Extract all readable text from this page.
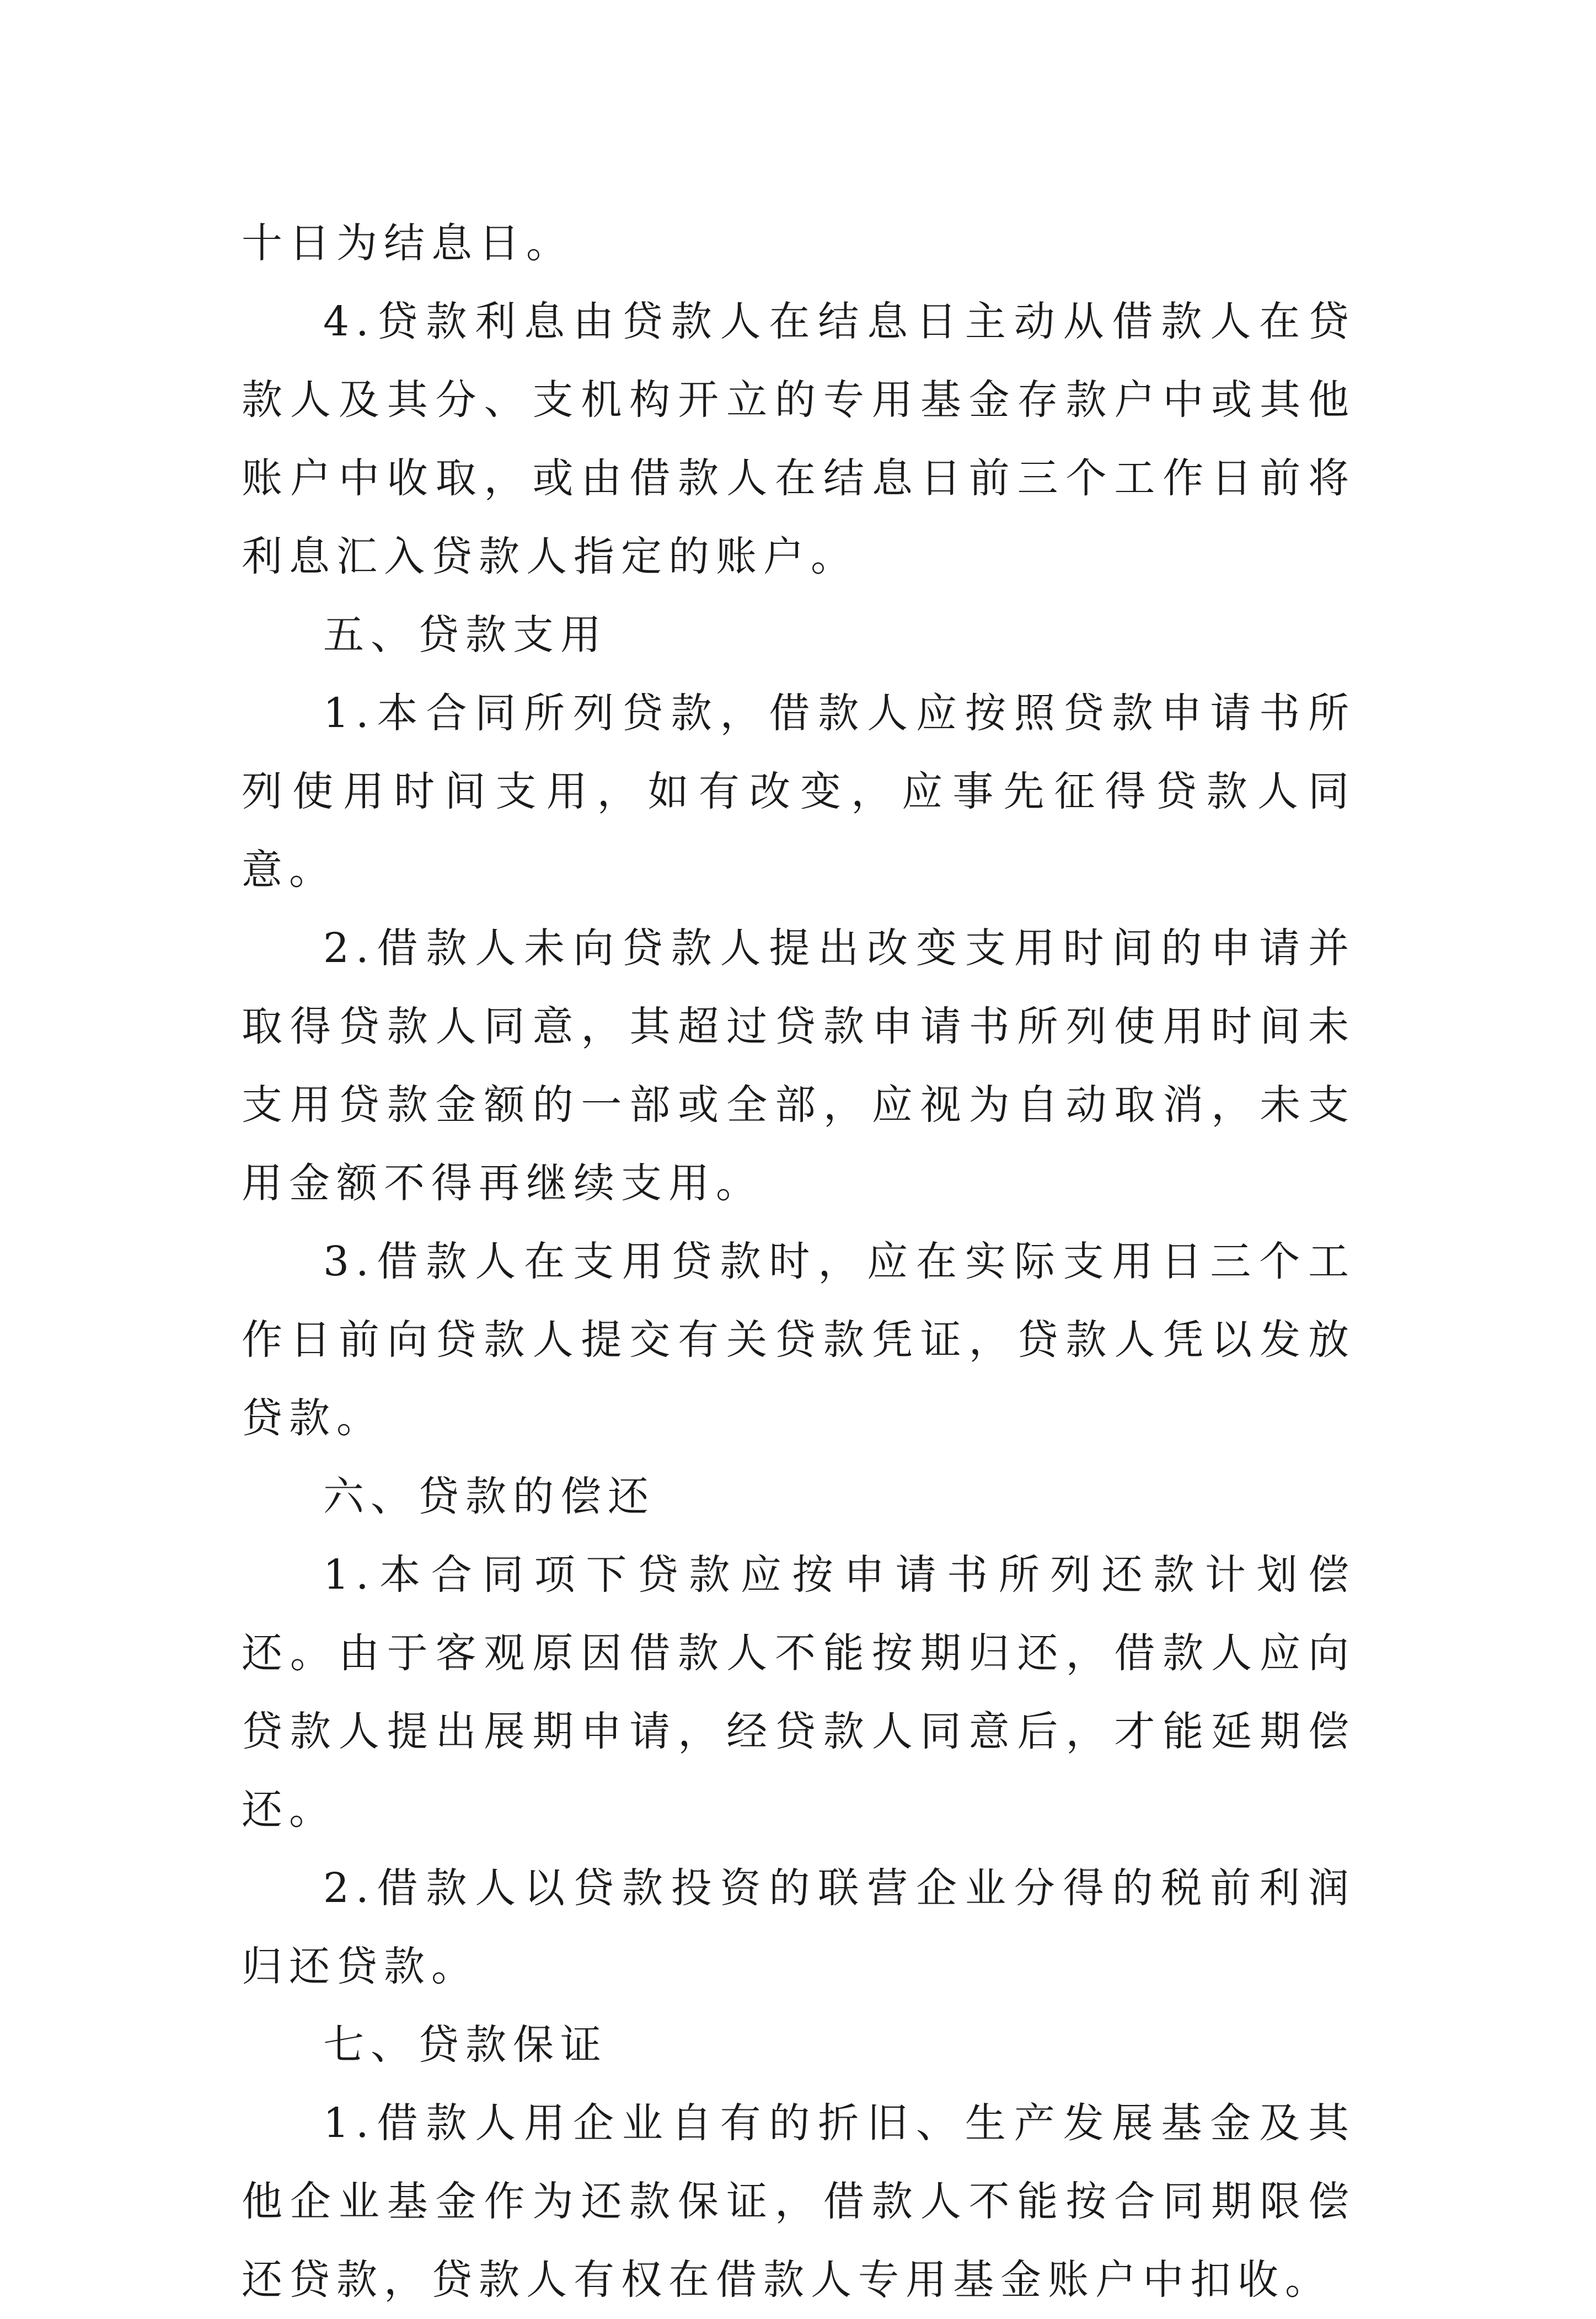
十日为结息日。

4.贷款利息由贷款人在结息日主动从借款人在贷款人及其分、支机构开立的专用基金存款户中或其他账户中收取，或由借款人在结息日前三个工作日前将利息汇入贷款人指定的账户。

五、贷款支用

1.本合同所列贷款，借款人应按照贷款申请书所列使用时间支用，如有改变，应事先征得贷款人同意。

2.借款人未向贷款人提出改变支用时间的申请并取得贷款人同意，其超过贷款申请书所列使用时间未支用贷款金额的一部或全部，应视为自动取消，未支用金额不得再继续支用。

3.借款人在支用贷款时，应在实际支用日三个工作日前向贷款人提交有关贷款凭证，贷款人凭以发放贷款。

六、贷款的偿还

1.本合同项下贷款应按申请书所列还款计划偿还。由于客观原因借款人不能按期归还，借款人应向贷款人提出展期申请，经贷款人同意后，才能延期偿还。

2.借款人以贷款投资的联营企业分得的税前利润归还贷款。

七、贷款保证

1.借款人用企业自有的折旧、生产发展基金及其他企业基金作为还款保证，借款人不能按合同期限偿还贷款，贷款人有权在借款人专用基金账户中扣收。
